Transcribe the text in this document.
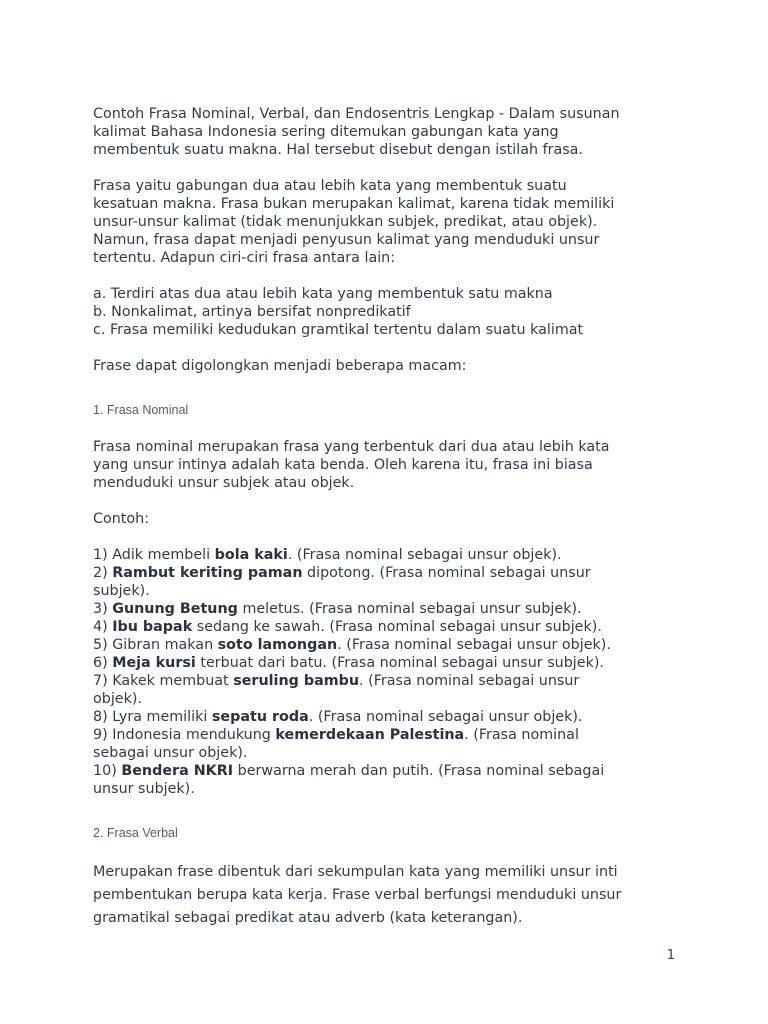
Contoh Frasa Nominal, Verbal, dan Endosentris Lengkap - Dalam susunan
kalimat Bahasa Indonesia sering ditemukan gabungan kata yang
membentuk suatu makna. Hal tersebut disebut dengan istilah frasa.

Frasa yaitu gabungan dua atau lebih kata yang membentuk suatu
kesatuan makna. Frasa bukan merupakan kalimat, karena tidak memiliki
unsur-unsur kalimat (tidak menunjukkan subjek, predikat, atau objek).
Namun, frasa dapat menjadi penyusun kalimat yang menduduki unsur
tertentu. Adapun ciri-ciri frasa antara lain:

a. Terdiri atas dua atau lebih kata yang membentuk satu makna
b. Nonkalimat, artinya bersifat nonpredikatif
c. Frasa memiliki kedudukan gramtikal tertentu dalam suatu kalimat

Frase dapat digolongkan menjadi beberapa macam:

1. Frasa Nominal

Frasa nominal merupakan frasa yang terbentuk dari dua atau lebih kata
yang unsur intinya adalah kata benda. Oleh karena itu, frasa ini biasa
menduduki unsur subjek atau objek.

Contoh:

1) Adik membeli bola kaki. (Frasa nominal sebagai unsur objek).
2) Rambut keriting paman dipotong. (Frasa nominal sebagai unsur
subjek).
3) Gunung Betung meletus. (Frasa nominal sebagai unsur subjek).
4) Ibu bapak sedang ke sawah. (Frasa nominal sebagai unsur subjek).
5) Gibran makan soto lamongan. (Frasa nominal sebagai unsur objek).
6) Meja kursi terbuat dari batu. (Frasa nominal sebagai unsur subjek).
7) Kakek membuat seruling bambu. (Frasa nominal sebagai unsur
objek).
8) Lyra memiliki sepatu roda. (Frasa nominal sebagai unsur objek).
9) Indonesia mendukung kemerdekaan Palestina. (Frasa nominal
sebagai unsur objek).
10) Bendera NKRI berwarna merah dan putih. (Frasa nominal sebagai
unsur subjek).

2. Frasa Verbal

Merupakan frase dibentuk dari sekumpulan kata yang memiliki unsur inti
pembentukan berupa kata kerja. Frase verbal berfungsi menduduki unsur
gramatikal sebagai predikat atau adverb (kata keterangan).

1
